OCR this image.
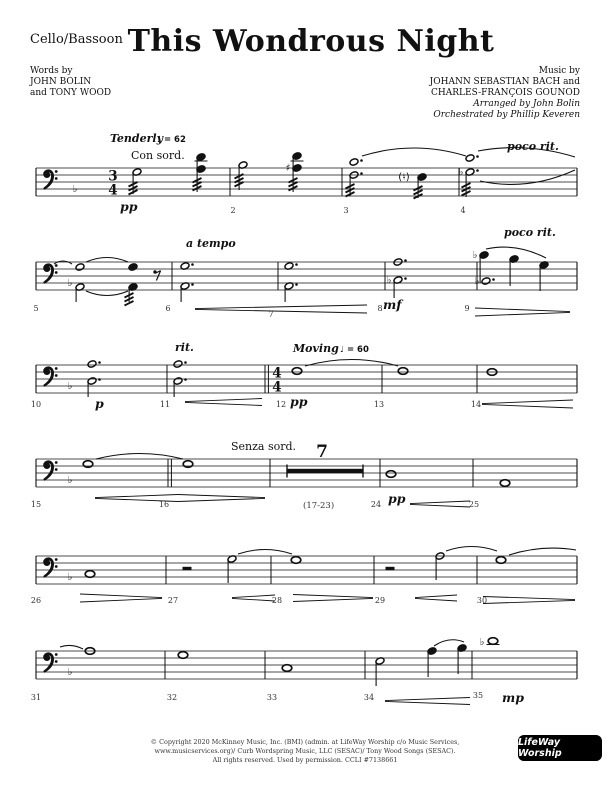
Cello/Bassoon This Wondrous Night
Words by
JOHN BOLIN
and TONY WOOD
Music by
JOHANN SEBASTIAN BACH and
CHARLES-FRANÇOIS GOUNOD
Arranged by John Bolin
Orchestrated by Phillip Keveren
♭
3
4
♯
(♮)	♭
Tenderly
♩ = 62
Con sord.
poco rit.
pp	2	3	4
♭	♭
♭
♭
a tempo
poco rit.
mf
5	6
7
8	9
♭
4
4
rit.	Moving ♩ = 60
p	pp
10	11	12	13	14
♭
7
(17-23)
Senza sord.
pp
15	16	24	25
♭
26	27	28	29	30
♭
♭
mp
31	32	33	34	35
© Copyright 2020 McKinney Music, Inc. (BMI) (admin. at LifeWay Worship c/o Music Services,
www.musicservices.org)/ Curb Wordspring Music, LLC (SESAC)/ Tony Wood Songs (SESAC).
All rights reserved. Used by permission. CCLI #7138661
LifeWay Worship
